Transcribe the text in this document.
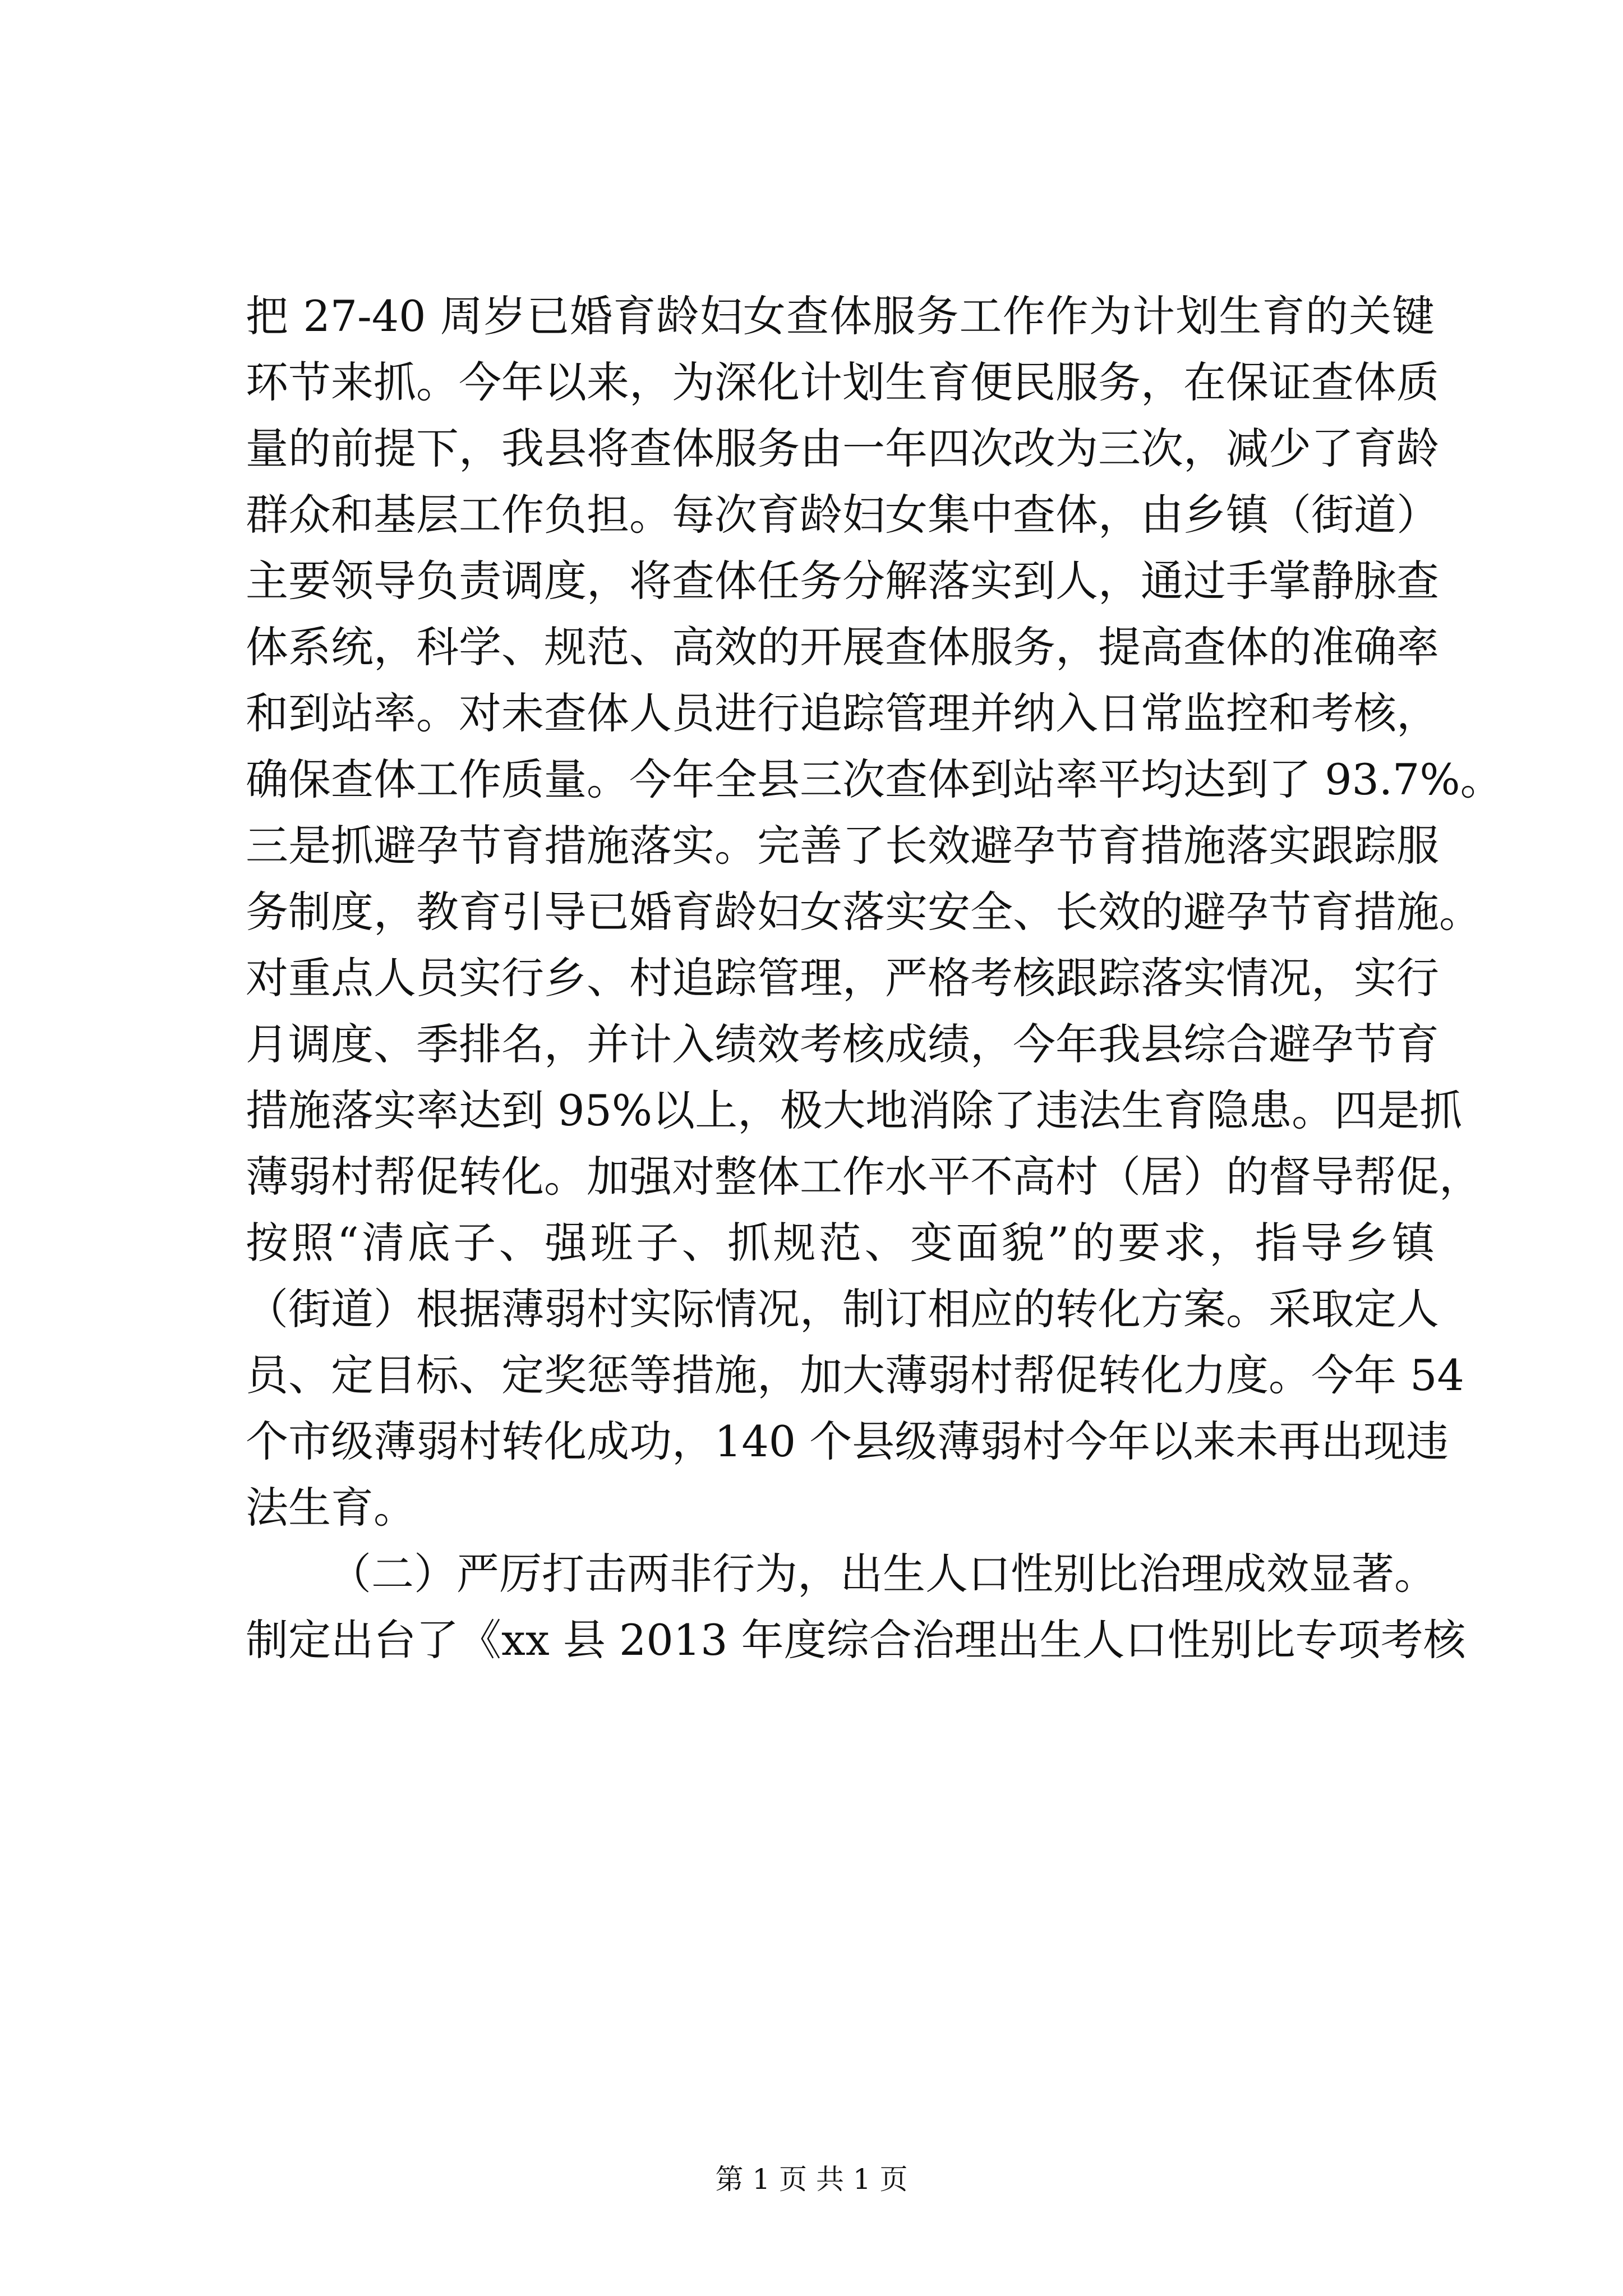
把 27-40 周岁已婚育龄妇女查体服务工作作为计划生育的关键
环节来抓。今年以来，为深化计划生育便民服务，在保证查体质
量的前提下，我县将查体服务由一年四次改为三次，减少了育龄
群众和基层工作负担。每次育龄妇女集中查体，由乡镇（街道）
主要领导负责调度，将查体任务分解落实到人，通过手掌静脉查
体系统，科学、规范、高效的开展查体服务，提高查体的准确率
和到站率。对未查体人员进行追踪管理并纳入日常监控和考核，
确保查体工作质量。今年全县三次查体到站率平均达到了 93.7%。
三是抓避孕节育措施落实。完善了长效避孕节育措施落实跟踪服
务制度，教育引导已婚育龄妇女落实安全、长效的避孕节育措施。
对重点人员实行乡、村追踪管理，严格考核跟踪落实情况，实行
月调度、季排名，并计入绩效考核成绩，今年我县综合避孕节育
措施落实率达到 95%以上，极大地消除了违法生育隐患。四是抓
薄弱村帮促转化。加强对整体工作水平不高村（居）的督导帮促，
按照“清底子、强班子、抓规范、变面貌”的要求，指导乡镇
（街道）根据薄弱村实际情况，制订相应的转化方案。采取定人
员、定目标、定奖惩等措施，加大薄弱村帮促转化力度。今年 54
个市级薄弱村转化成功，140 个县级薄弱村今年以来未再出现违
法生育。
（二）严厉打击两非行为，出生人口性别比治理成效显著。
制定出台了《xx 县 2013 年度综合治理出生人口性别比专项考核
第 1 页 共 1 页
